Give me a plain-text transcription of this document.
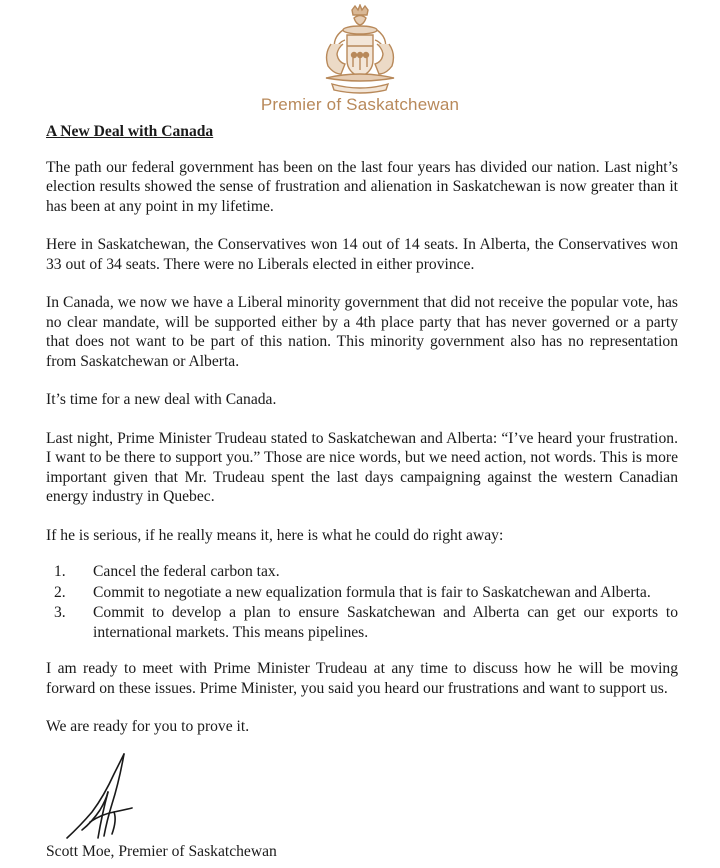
Premier of Saskatchewan
A New Deal with Canada

The path our federal government has been on the last four years has divided our nation. Last night’s election results showed the sense of frustration and alienation in Saskatchewan is now greater than it has been at any point in my lifetime.

Here in Saskatchewan, the Conservatives won 14 out of 14 seats. In Alberta, the Conservatives won 33 out of 34 seats. There were no Liberals elected in either province.

In Canada, we now we have a Liberal minority government that did not receive the popular vote, has no clear mandate, will be supported either by a 4th place party that has never governed or a party that does not want to be part of this nation. This minority government also has no representation from Saskatchewan or Alberta.

It’s time for a new deal with Canada.

Last night, Prime Minister Trudeau stated to Saskatchewan and Alberta: “I’ve heard your frustration. I want to be there to support you.” Those are nice words, but we need action, not words. This is more important given that Mr. Trudeau spent the last days campaigning against the western Canadian energy industry in Quebec.

If he is serious, if he really means it, here is what he could do right away:

1. Cancel the federal carbon tax.
2. Commit to negotiate a new equalization formula that is fair to Saskatchewan and Alberta.
3. Commit to develop a plan to ensure Saskatchewan and Alberta can get our exports to international markets. This means pipelines.

I am ready to meet with Prime Minister Trudeau at any time to discuss how he will be moving forward on these issues. Prime Minister, you said you heard our frustrations and want to support us.

We are ready for you to prove it.

Scott Moe, Premier of Saskatchewan
